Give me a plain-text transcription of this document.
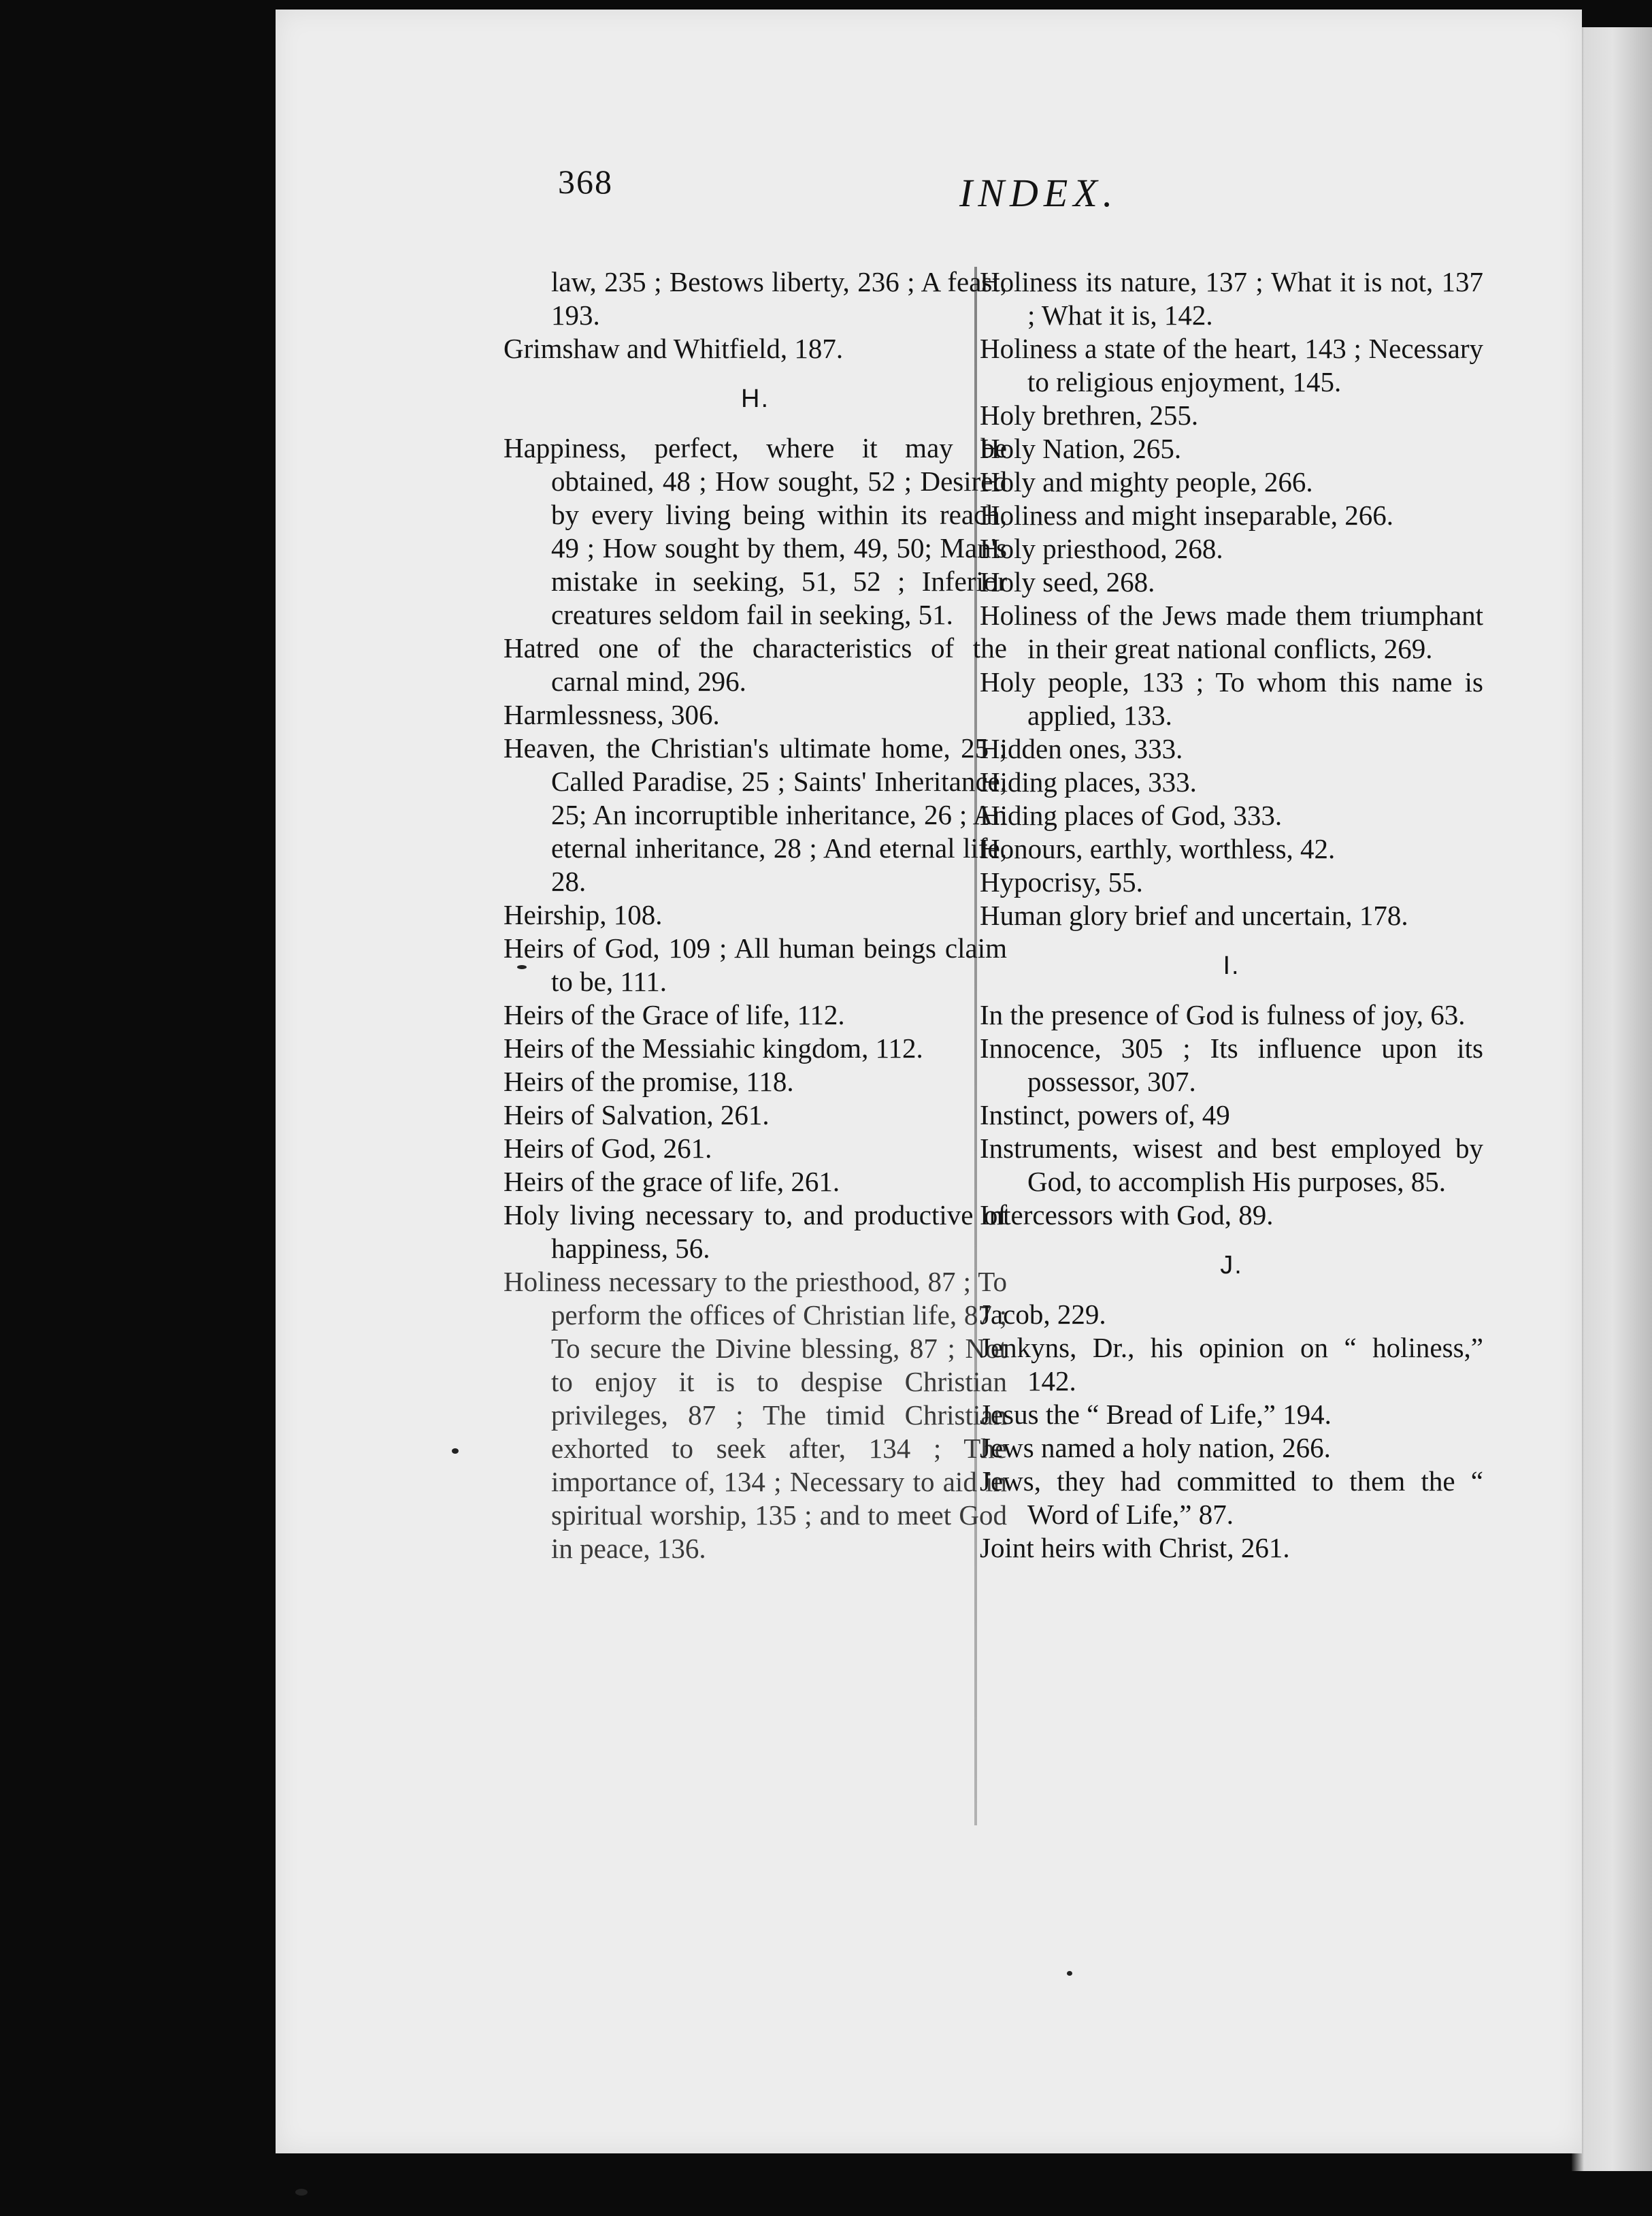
368	INDEX.

law, 235 ; Bestows liberty, 236 ; A feast, 193.

Grimshaw and Whitfield, 187.

H.

Happiness, perfect, where it may be obtained, 48 ; How sought, 52 ; Desired by every living being within its reach, 49 ; How sought by them, 49, 50; Man's mistake in seeking, 51, 52 ; Inferior creatures seldom fail in seeking, 51.

Hatred one of the characteristics of the carnal mind, 296.

Harmlessness, 306.

Heaven, the Christian's ultimate home, 25 ; Called Paradise, 25 ; Saints' Inheritance, 25; An incorruptible inheritance, 26 ; An eternal inheritance, 28 ; And eternal life, 28.

Heirship, 108.

Heirs of God, 109 ; All human beings claim to be, 111.

Heirs of the Grace of life, 112.

Heirs of the Messiahic kingdom, 112.

Heirs of the promise, 118.

Heirs of Salvation, 261.

Heirs of God, 261.

Heirs of the grace of life, 261.

Holy living necessary to, and productive of happiness, 56.

Holiness necessary to the priesthood, 87 ; To perform the offices of Christian life, 87 ; To secure the Divine blessing, 87 ; Not to enjoy it is to despise Christian privileges, 87 ; The timid Christian exhorted to seek after, 134 ; The importance of, 134 ; Necessary to aid in spiritual worship, 135 ; and to meet God in peace, 136.

Holiness its nature, 137 ; What it is not, 137 ; What it is, 142.

Holiness a state of the heart, 143 ; Necessary to religious enjoyment, 145.

Holy brethren, 255.

Holy Nation, 265.

Holy and mighty people, 266.

Holiness and might inseparable, 266.

Holy priesthood, 268.

Holy seed, 268.

Holiness of the Jews made them triumphant in their great national conflicts, 269.

Holy people, 133 ; To whom this name is applied, 133.

Hidden ones, 333.

Hiding places, 333.

Hiding places of God, 333.

Honours, earthly, worthless, 42.

Hypocrisy, 55.

Human glory brief and uncertain, 178.

I.

In the presence of God is fulness of joy, 63.

Innocence, 305 ; Its influence upon its possessor, 307.

Instinct, powers of, 49

Instruments, wisest and best employed by God, to accomplish His purposes, 85.

Intercessors with God, 89.

J.

Jacob, 229.

Jenkyns, Dr., his opinion on “ holiness,” 142.

Jesus the “ Bread of Life,” 194.

Jews named a holy nation, 266.

Jews, they had committed to them the “ Word of Life,” 87.

Joint heirs with Christ, 261.
